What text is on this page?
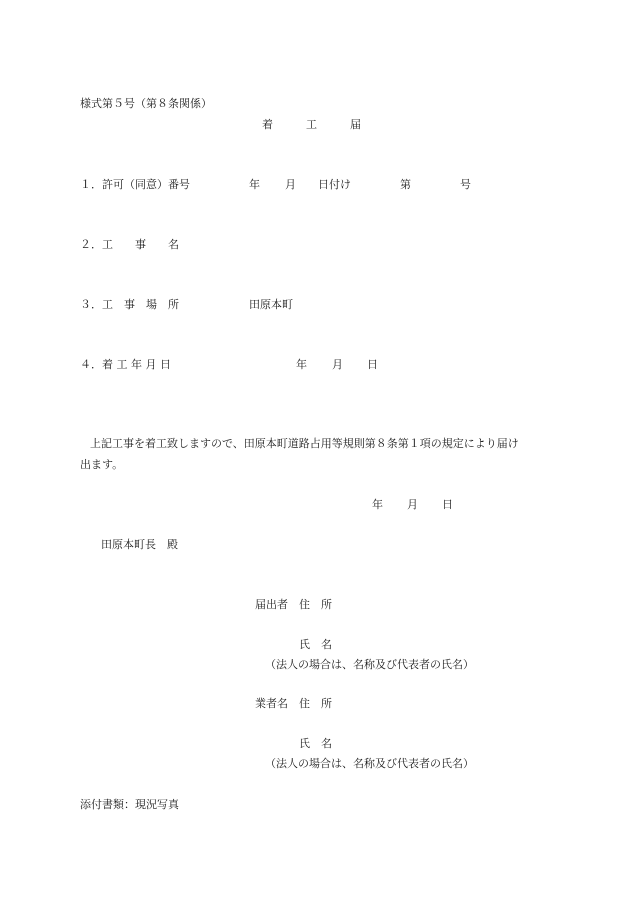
様式第５号（第８条関係）
着　　　工　　　届
１．許可（同意）番号	年 月 日付け	第	号
２．工　　事　　名
３．工　事　場　所	田原本町
４．着 工 年 月 日	年 月 日
上記工事を着工致しますので、田原本町道路占用等規則第８条第１項の規定により届け
出ます。
年 月 日
田原本町長　殿
届出者　住　所
氏　名
（法人の場合は、名称及び代表者の氏名）
業者名　住　所
氏　名
（法人の場合は、名称及び代表者の氏名）
添付書類：現況写真
